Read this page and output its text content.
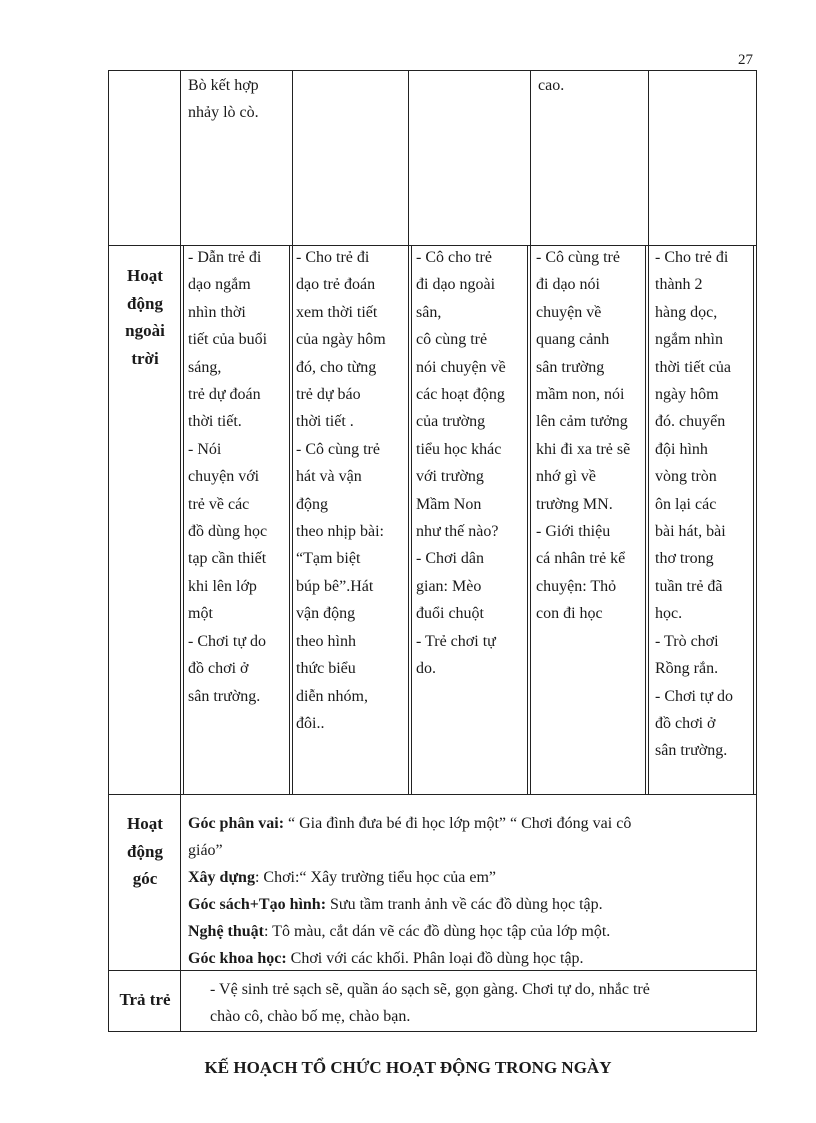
27
Bò kết hợp
nhảy lò cò.
cao.
Hoạt
động
ngoài
trời
- Dẫn trẻ đi
dạo ngắm
nhìn thời
tiết của buổi
sáng,
trẻ dự đoán
thời tiết.
- Nói
chuyện với
trẻ về các
đồ dùng học
tạp cần thiết
khi lên lớp
một
- Chơi tự do
đồ chơi ở
sân trường.
- Cho trẻ đi
dạo trẻ đoán
xem thời tiết
của ngày hôm
đó, cho từng
trẻ dự báo
thời tiết .
- Cô cùng trẻ
hát và vận
động
theo nhịp bài:
“Tạm biệt
búp bê”.Hát
vận động
theo hình
thức biểu
diễn nhóm,
đôi..
- Cô cho trẻ
đi dạo ngoài
sân,
cô cùng trẻ
nói chuyện về
các hoạt động
của trường
tiểu học khác
với trường
Mầm Non
như thế nào?
- Chơi dân
gian: Mèo
đuổi chuột
- Trẻ chơi tự
do.
- Cô cùng trẻ
đi dạo nói
chuyện về
quang cảnh
sân trường
mầm non, nói
lên cảm tưởng
khi đi xa trẻ sẽ
nhớ gì về
trường MN.
- Giới thiệu
cá nhân trẻ kể
chuyện: Thỏ
con đi học
- Cho trẻ đi
thành 2
hàng dọc,
ngắm nhìn
thời tiết của
ngày hôm
đó. chuyển
đội hình
vòng tròn
ôn lại các
bài hát, bài
thơ trong
tuần trẻ đã
học.
- Trò chơi
Rồng rắn.
- Chơi tự do
đồ chơi ở
sân trường.
Hoạt
động
góc
Góc phân vai: “ Gia đình đưa bé đi học lớp một” “ Chơi đóng vai cô
giáo”
Xây dựng: Chơi:“ Xây trường tiểu học của em”
Góc sách+Tạo hình: Sưu tầm tranh ảnh về các đồ dùng học tập.
Nghệ thuật: Tô màu, cắt dán vẽ các đồ dùng học tập của lớp một.
Góc khoa học: Chơi với các khối. Phân loại đồ dùng học tập.
Trả trẻ
- Vệ sinh trẻ sạch sẽ, quần áo sạch sẽ, gọn gàng. Chơi tự do, nhắc trẻ
chào cô, chào bố mẹ, chào bạn.
KẾ HOẠCH TỔ CHỨC HOẠT ĐỘNG TRONG NGÀY
